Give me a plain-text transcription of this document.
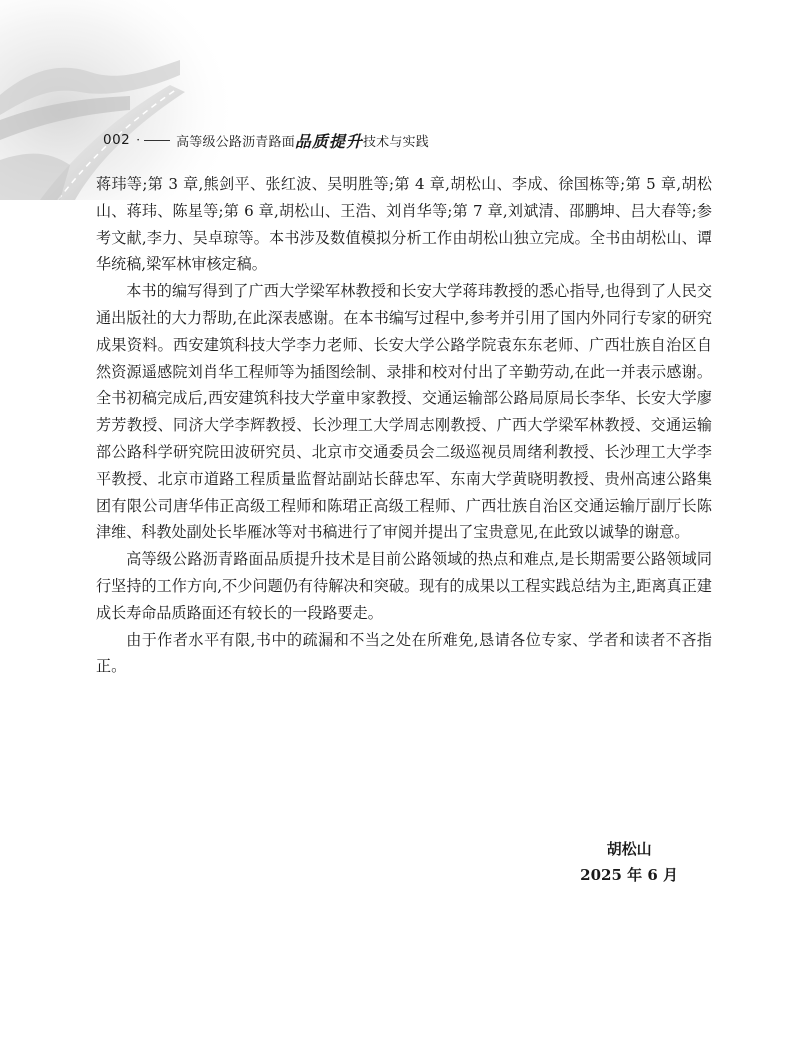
002 ·	高等级公路沥青路面 品质提升 技术与实践

蒋玮等;第 3 章,熊剑平、张红波、吴明胜等;第 4 章,胡松山、李成、徐国栋等;第 5 章,胡松山、蒋玮、陈星等;第 6 章,胡松山、王浩、刘肖华等;第 7 章,刘斌清、邵鹏坤、吕大春等;参考文献,李力、吴卓琼等。本书涉及数值模拟分析工作由胡松山独立完成。全书由胡松山、谭华统稿,梁军林审核定稿。

本书的编写得到了广西大学梁军林教授和长安大学蒋玮教授的悉心指导,也得到了人民交通出版社的大力帮助,在此深表感谢。在本书编写过程中,参考并引用了国内外同行专家的研究成果资料。西安建筑科技大学李力老师、长安大学公路学院袁东东老师、广西壮族自治区自然资源遥感院刘肖华工程师等为插图绘制、录排和校对付出了辛勤劳动,在此一并表示感谢。全书初稿完成后,西安建筑科技大学童申家教授、交通运输部公路局原局长李华、长安大学廖芳芳教授、同济大学李辉教授、长沙理工大学周志刚教授、广西大学梁军林教授、交通运输部公路科学研究院田波研究员、北京市交通委员会二级巡视员周绪利教授、长沙理工大学李平教授、北京市道路工程质量监督站副站长薛忠军、东南大学黄晓明教授、贵州高速公路集团有限公司唐华伟正高级工程师和陈珺正高级工程师、广西壮族自治区交通运输厅副厅长陈津维、科教处副处长毕雁冰等对书稿进行了审阅并提出了宝贵意见,在此致以诚挚的谢意。

高等级公路沥青路面品质提升技术是目前公路领域的热点和难点,是长期需要公路领域同行坚持的工作方向,不少问题仍有待解决和突破。现有的成果以工程实践总结为主,距离真正建成长寿命品质路面还有较长的一段路要走。

由于作者水平有限,书中的疏漏和不当之处在所难免,恳请各位专家、学者和读者不吝指正。

胡松山
2025 年 6 月
